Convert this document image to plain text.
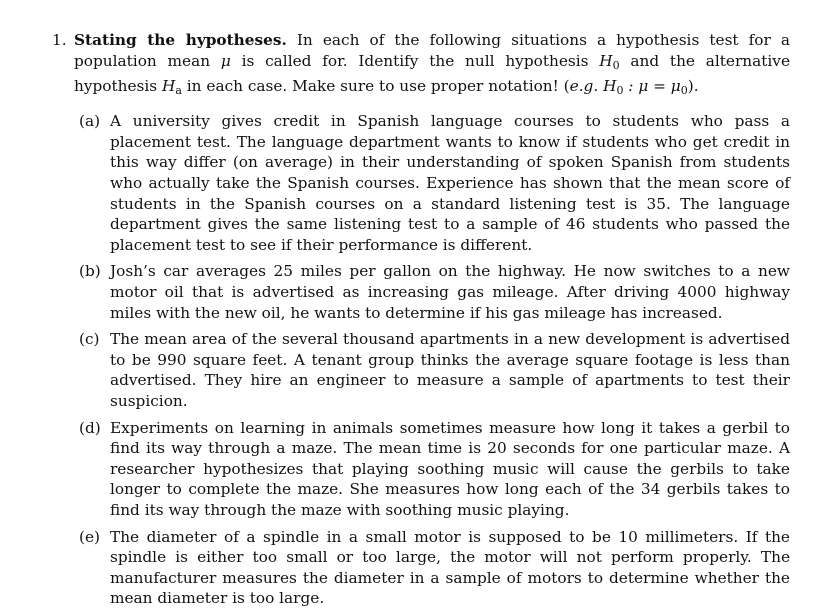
1. Stating the hypotheses. In each of the following situations a hypothesis test for a population mean μ is called for. Identify the null hypothesis $H_0$ and the alternative hypothesis $H_a$ in each case. Make sure to use proper notation! (e.g. $H_0$ : $\mu = \mu_0$).
(a) A university gives credit in Spanish language courses to students who pass a placement test. The language department wants to know if students who get credit in this way differ (on average) in their understanding of spoken Spanish from students who actually take the Spanish courses. Experience has shown that the mean score of students in the Spanish courses on a standard listening test is 35. The language department gives the same listening test to a sample of 46 students who passed the placement test to see if their performance is different.
(b) Josh’s car averages 25 miles per gallon on the highway. He now switches to a new motor oil that is advertised as increasing gas mileage. After driving 4000 highway miles with the new oil, he wants to determine if his gas mileage has increased.
(c) The mean area of the several thousand apartments in a new development is advertised to be 990 square feet. A tenant group thinks the average square footage is less than advertised. They hire an engineer to measure a sample of apartments to test their suspicion.
(d) Experiments on learning in animals sometimes measure how long it takes a gerbil to find its way through a maze. The mean time is 20 seconds for one particular maze. A researcher hypothesizes that playing soothing music will cause the gerbils to take longer to complete the maze. She measures how long each of the 34 gerbils takes to find its way through the maze with soothing music playing.
(e) The diameter of a spindle in a small motor is supposed to be 10 millimeters. If the spindle is either too small or too large, the motor will not perform properly. The manufacturer measures the diameter in a sample of motors to determine whether the mean diameter is too large.
